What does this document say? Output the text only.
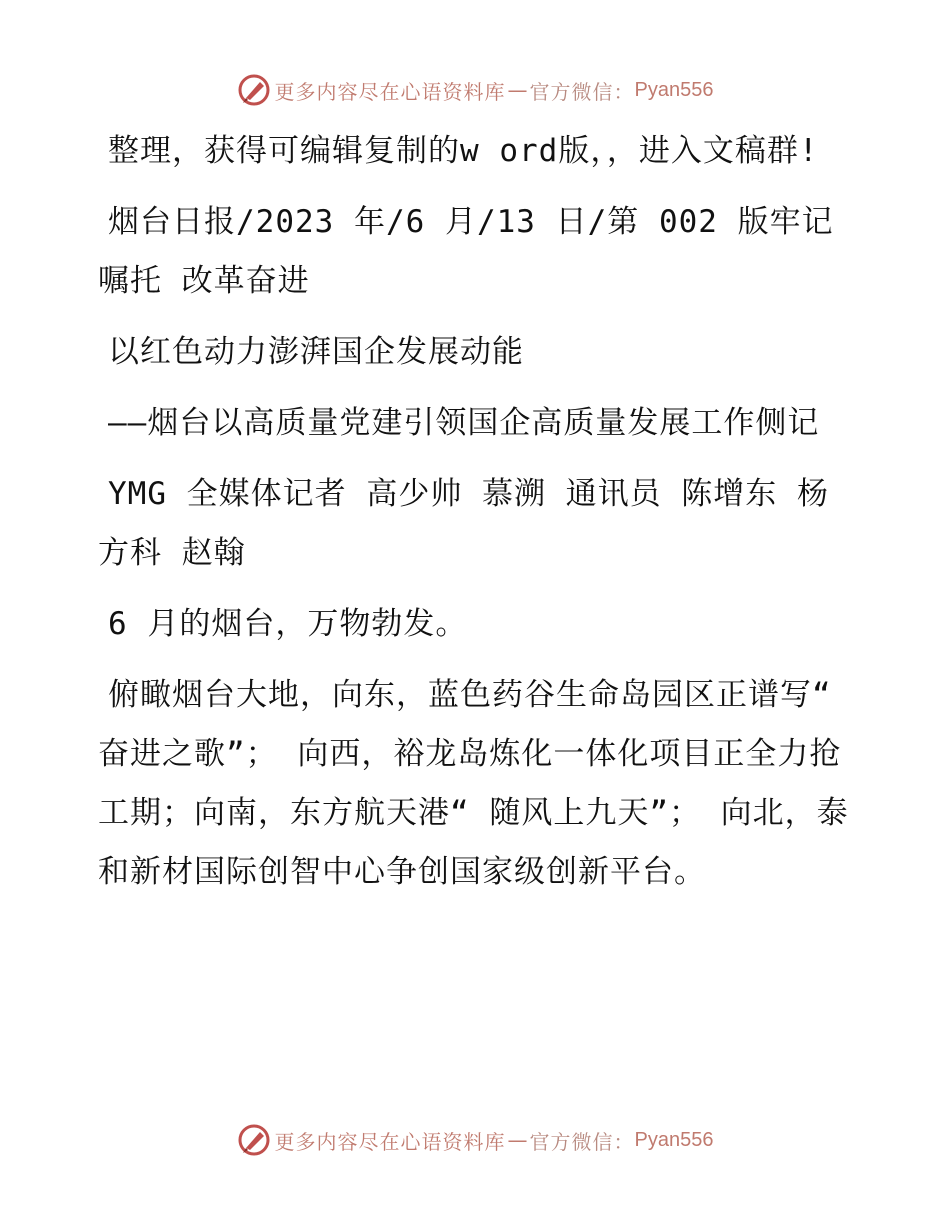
更多内容尽在心语资料库 — 官方微信： Pyan556

整理，获得可编辑复制的w ord版，，进入文稿群!

烟台日报/2023 年/6 月/13 日/第 002 版牢记嘱托 改革奋进

以红色动力澎湃国企发展动能

——烟台以高质量党建引领国企高质量发展工作侧记

YMG 全媒体记者 高少帅 慕溯 通讯员 陈增东 杨方科 赵翰

6 月的烟台，万物勃发。

俯瞰烟台大地，向东，蓝色药谷生命岛园区正谱写“ 奋进之歌”； 向西，裕龙岛炼化一体化项目正全力抢工期；向南，东方航天港“ 随风上九天”； 向北，泰和新材国际创智中心争创国家级创新平台。

更多内容尽在心语资料库 — 官方微信： Pyan556
